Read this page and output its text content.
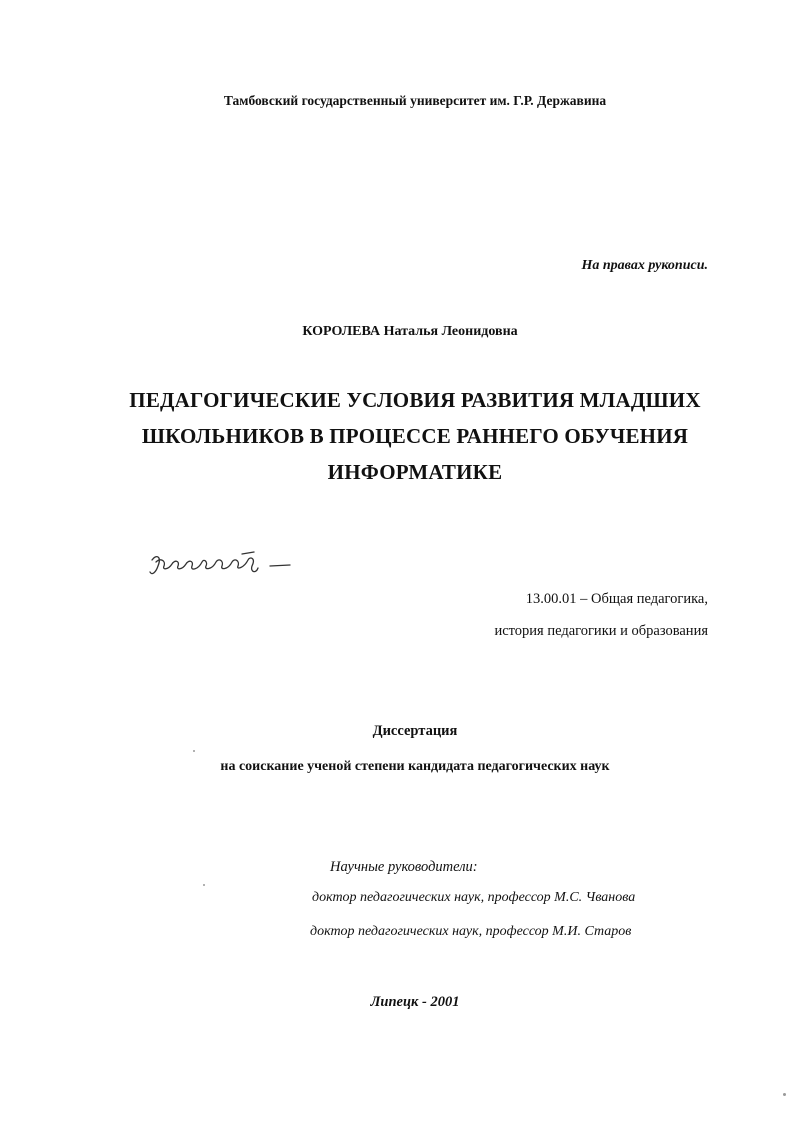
Тамбовский государственный университет им. Г.Р. Державина
На правах рукописи.
КОРОЛЕВА Наталья Леонидовна
ПЕДАГОГИЧЕСКИЕ УСЛОВИЯ РАЗВИТИЯ МЛАДШИХ
ШКОЛЬНИКОВ В ПРОЦЕССЕ РАННЕГО ОБУЧЕНИЯ
ИНФОРМАТИКЕ
13.00.01 – Общая педагогика,
история педагогики и образования
Диссертация
на соискание ученой степени кандидата педагогических наук
Научные руководители:
доктор педагогических наук, профессор М.С. Чванова
доктор педагогических наук, профессор М.И. Старов
Липецк - 2001
